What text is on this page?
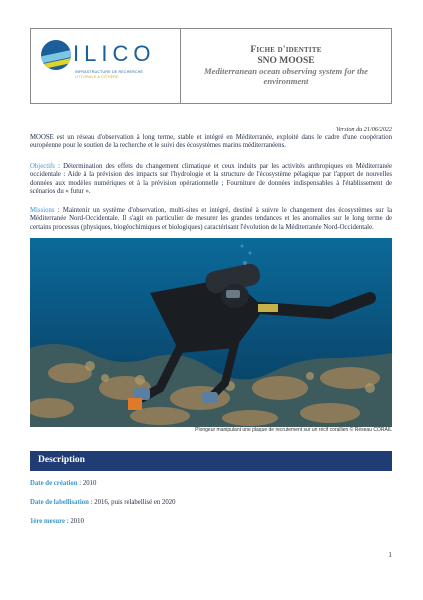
ILICO
INFRASTRUCTURE DE RECHERCHE
LITTORALE & CÔTIÈRE
Fiche d'identite
SNO MOOSE
Mediterranean ocean observing system for the environment
Version du 21/06/2022

MOOSE est un réseau d'observation à long terme, stable et intégré en Méditerranée, exploité dans le cadre d'une coopération européenne pour le soutien de la recherche et le suivi des écosystèmes marins méditerranéens.

Objectifs : Détermination des effets du changement climatique et ceux induits par les activités anthropiques en Méditerranée occidentale : Aide à la prévision des impacts sur l'hydrologie et la structure de l'écosystème pélagique par l'apport de nouvelles données aux modèles numériques et à la prévision opérationnelle ; Fourniture de données indispensables à l'établissement de scénarios du « futur ».

Missions : Maintenir un système d'observation, multi-sites et intégré, destiné à suivre le changement des écosystèmes sur la Méditerranée Nord-Occidentale. Il s'agit en particulier de mesurer les grandes tendances et les anomalies sur le long terme de certains processus (physiques, biogéochimiques et biologiques) caractérisant l'évolution de la Méditerranée Nord-Occidentale.

Plongeur manipulant une plaque de recrutement sur un récif corallien © Réseau CORAIL
Description
Date de création : 2010
Date de labellisation : 2016, puis relabellisé en 2020
1ère mesure : 2010
1
